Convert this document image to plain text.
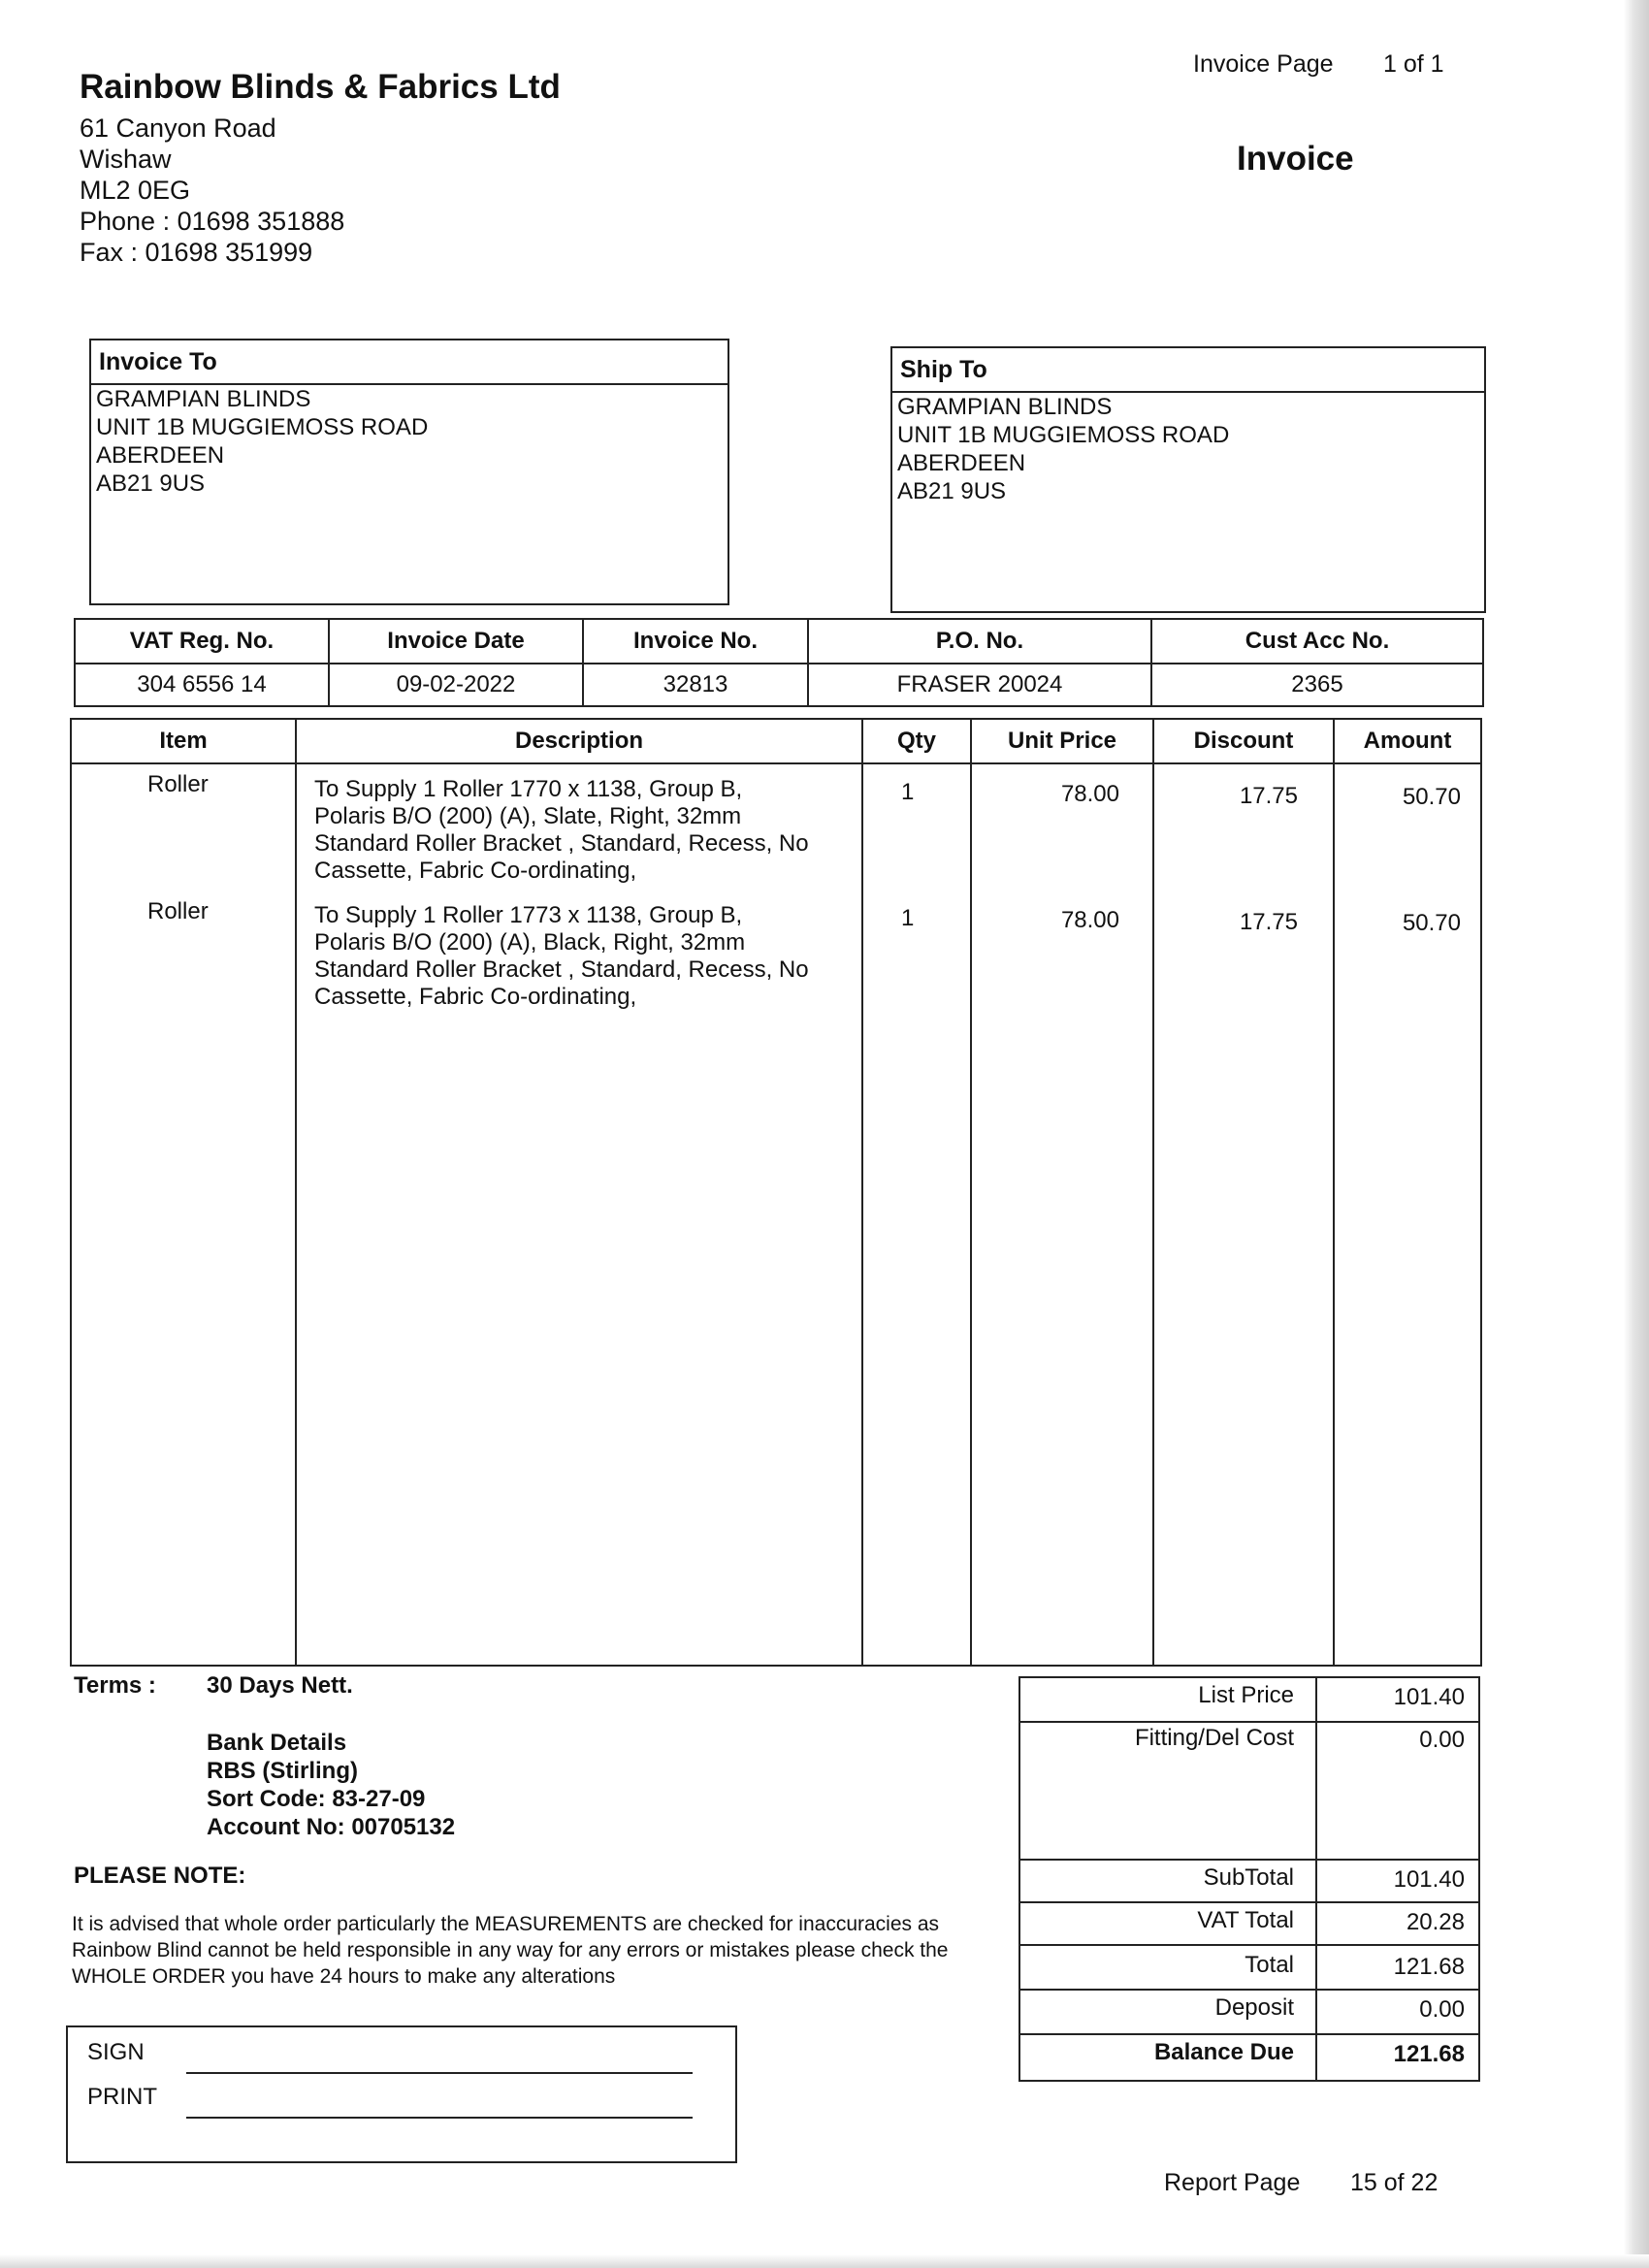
Rainbow Blinds & Fabrics Ltd
61 Canyon Road
Wishaw
ML2 0EG
Phone : 01698 351888
Fax : 01698 351999
Invoice Page 1 of 1
Invoice
Invoice To
GRAMPIAN BLINDS
UNIT 1B MUGGIEMOSS ROAD
ABERDEEN
AB21 9US
Ship To
GRAMPIAN BLINDS
UNIT 1B MUGGIEMOSS ROAD
ABERDEEN
AB21 9US
VAT Reg. No.	Invoice Date	Invoice No.	P.O. No.	Cust Acc No.
304 6556 14	09-02-2022	32813	FRASER 20024	2365
Item	Description	Qty	Unit Price	Discount	Amount

Roller	To Supply 1 Roller 1770 x 1138, Group B,
Polaris B/O (200) (A), Slate, Right, 32mm
Standard Roller Bracket , Standard, Recess, No
Cassette, Fabric Co-ordinating,
1	78.00	17.75	50.70
Roller	To Supply 1 Roller 1773 x 1138, Group B,
Polaris B/O (200) (A), Black, Right, 32mm
Standard Roller Bracket , Standard, Recess, No
Cassette, Fabric Co-ordinating,
1	78.00	17.75	50.70
Terms : 30 Days Nett.
Bank Details
RBS (Stirling)
Sort Code: 83-27-09
Account No: 00705132
PLEASE NOTE:
It is advised that whole order particularly the MEASUREMENTS are checked for inaccuracies as Rainbow Blind cannot be held responsible in any way for any errors or mistakes please check the WHOLE ORDER you have 24 hours to make any alterations
SIGN
PRINT
List Price	101.40
Fitting/Del Cost	0.00
SubTotal	101.40
VAT Total	20.28
Total	121.68
Deposit	0.00
Balance Due	121.68
Report Page 15 of 22
